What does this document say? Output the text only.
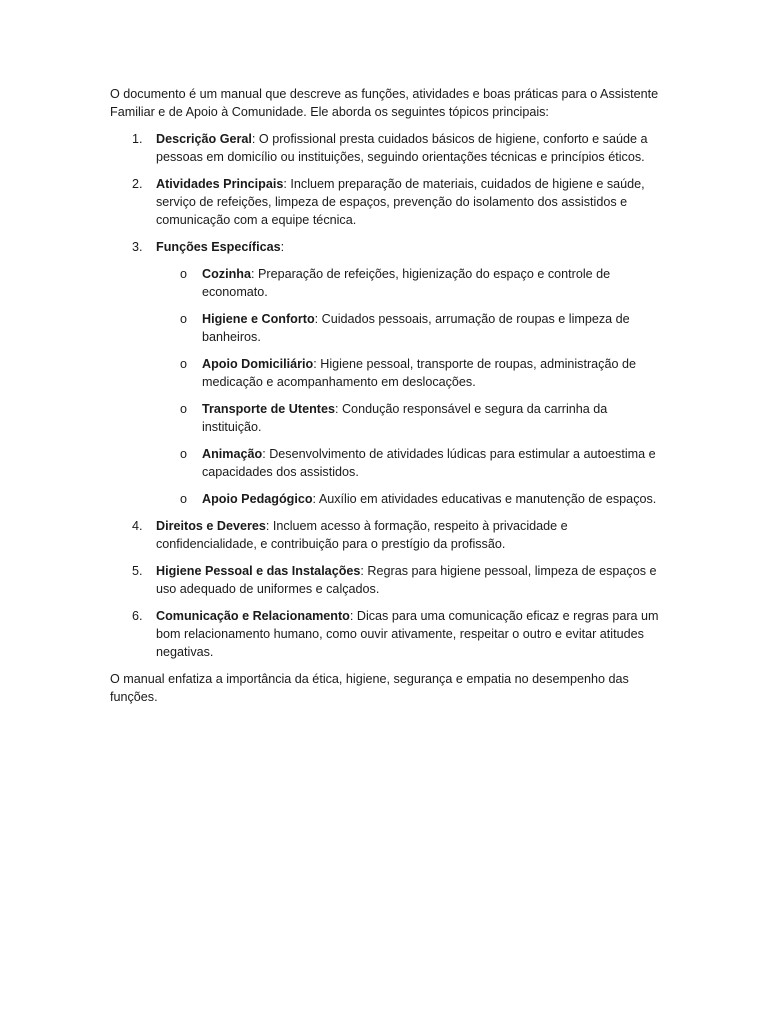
O documento é um manual que descreve as funções, atividades e boas práticas para o Assistente Familiar e de Apoio à Comunidade. Ele aborda os seguintes tópicos principais:

1. Descrição Geral: O profissional presta cuidados básicos de higiene, conforto e saúde a pessoas em domicílio ou instituições, seguindo orientações técnicas e princípios éticos.
2. Atividades Principais: Incluem preparação de materiais, cuidados de higiene e saúde, serviço de refeições, limpeza de espaços, prevenção do isolamento dos assistidos e comunicação com a equipe técnica.
3. Funções Específicas:
o Cozinha: Preparação de refeições, higienização do espaço e controle de economato.
o Higiene e Conforto: Cuidados pessoais, arrumação de roupas e limpeza de banheiros.
o Apoio Domiciliário: Higiene pessoal, transporte de roupas, administração de medicação e acompanhamento em deslocações.
o Transporte de Utentes: Condução responsável e segura da carrinha da instituição.
o Animação: Desenvolvimento de atividades lúdicas para estimular a autoestima e capacidades dos assistidos.
o Apoio Pedagógico: Auxílio em atividades educativas e manutenção de espaços.
4. Direitos e Deveres: Incluem acesso à formação, respeito à privacidade e confidencialidade, e contribuição para o prestígio da profissão.
5. Higiene Pessoal e das Instalações: Regras para higiene pessoal, limpeza de espaços e uso adequado de uniformes e calçados.
6. Comunicação e Relacionamento: Dicas para uma comunicação eficaz e regras para um bom relacionamento humano, como ouvir ativamente, respeitar o outro e evitar atitudes negativas.

O manual enfatiza a importância da ética, higiene, segurança e empatia no desempenho das funções.
